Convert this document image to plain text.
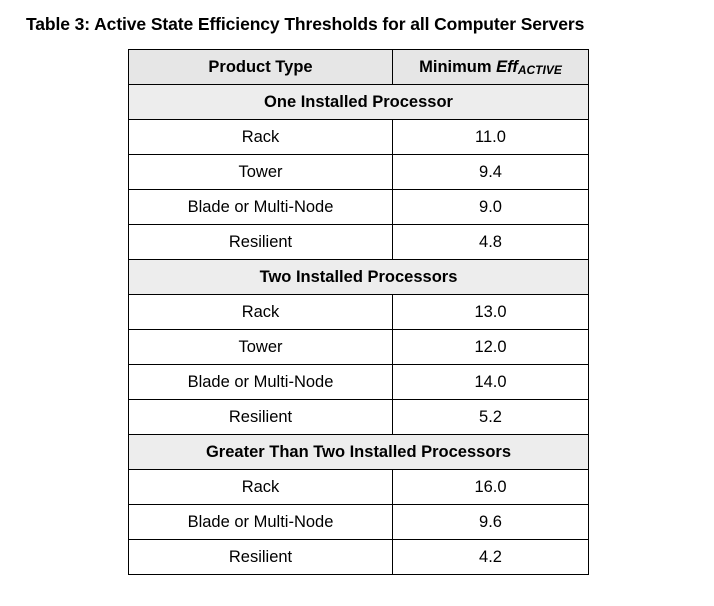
Table 3: Active State Efficiency Thresholds for all Computer Servers
Product Type	Minimum EffACTIVE
One Installed Processor	
Rack	11.0
Tower	9.4
Blade or Multi-Node	9.0
Resilient	4.8
Two Installed Processors	
Rack	13.0
Tower	12.0
Blade or Multi-Node	14.0
Resilient	5.2
Greater Than Two Installed Processors	
Rack	16.0
Blade or Multi-Node	9.6
Resilient	4.2
